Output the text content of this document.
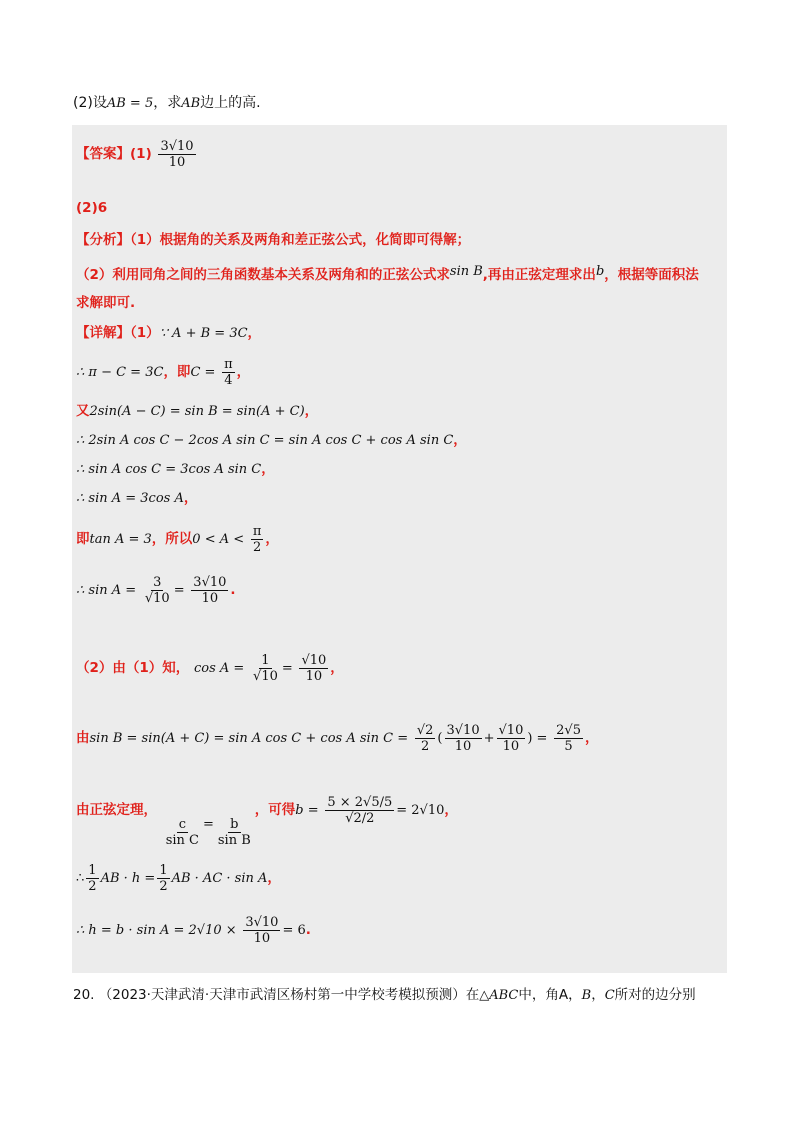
(2)设AB = 5，求AB边上的高.
【答案】$(1) \frac{3√10}{10}$
(2)6
【分析】（1）根据角的关系及两角和差正弦公式，化简即可得解；
（2）利用同角之间的三角函数基本关系及两角和的正弦公式求sin B,再由正弦定理求出b，根据等面积法
求解即可.
【详解】（1）∵ A + B = 3C，
∴ π − C = 3C，即$C = \frac{\pi}{4}$ ，
又2sin(A − C) = sin B = sin(A + C)，
∴ 2sin A cos C − 2cos A sin C = sin A cos C + cos A sin C，
∴ sin A cos C = 3cos A sin C，
∴ sin A = 3cos A，
即tan A = 3，所以$0 < A < \frac{\pi}{2}$ ，
∴ $\sin A = \frac{3}{√10} = \frac{3√10}{10}$ .
（2）由（1）知， $\cos A = \frac{1}{√10} = \frac{√10}{10}$ ，
由sin B = sin(A + C) = sin A cos C + cos A $\sin C = \frac{√2}{2}$ ( $\frac{3√10}{10} + \frac{√10}{10}$ ) = $\frac{2√5}{5}$ ，
由正弦定理，
$\frac{c}{\text{sin C}} = \frac{b}{\text{sin B}}$
，可得$b = \frac{5 \times 2√5/5}{√2/2} = 2√10$，
∴ $\frac{1}{2}$ AB · $h = \frac{1}{2}$ AB · AC · sin A，
∴ $h = b \cdot \sin A = 2√10 \times \frac{3√10}{10} = 6$.
20. （2023·天津武清·天津市武清区杨村第一中学校考模拟预测）在△ABC中，角A，B，C所对的边分别
